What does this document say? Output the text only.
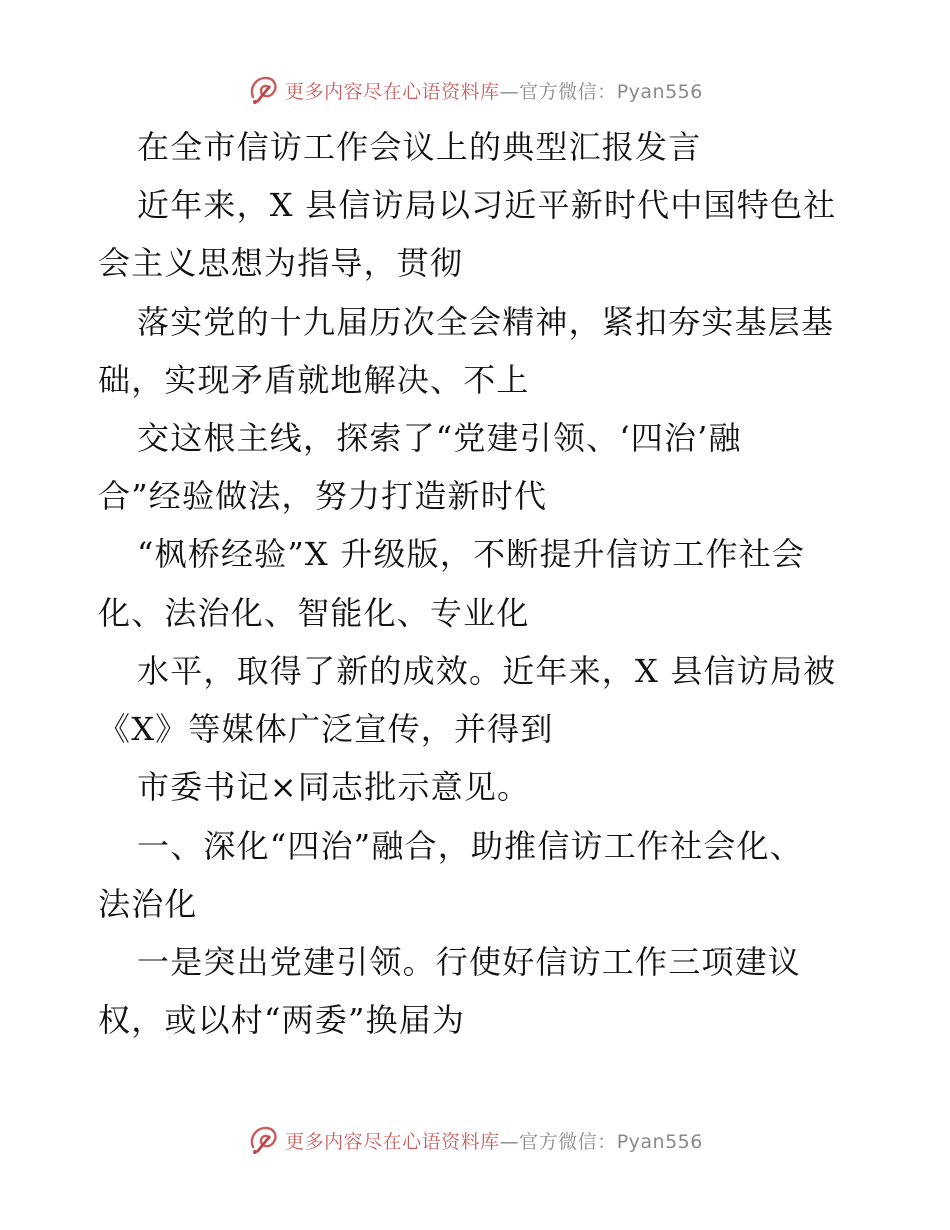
更多内容尽在心语资料库—官方微信：Pyan556
在全市信访工作会议上的典型汇报发言
近年来，X 县信访局以习近平新时代中国特色社
会主义思想为指导，贯彻
落实党的十九届历次全会精神，紧扣夯实基层基
础，实现矛盾就地解决、不上
交这根主线，探索了“党建引领、‘四治’融
合”经验做法，努力打造新时代
“枫桥经验”X 升级版，不断提升信访工作社会
化、法治化、智能化、专业化
水平，取得了新的成效。近年来，X 县信访局被
《X》等媒体广泛宣传，并得到
市委书记×同志批示意见。
一、深化“四治”融合，助推信访工作社会化、
法治化
一是突出党建引领。行使好信访工作三项建议
权，或以村“两委”换届为
更多内容尽在心语资料库—官方微信：Pyan556
